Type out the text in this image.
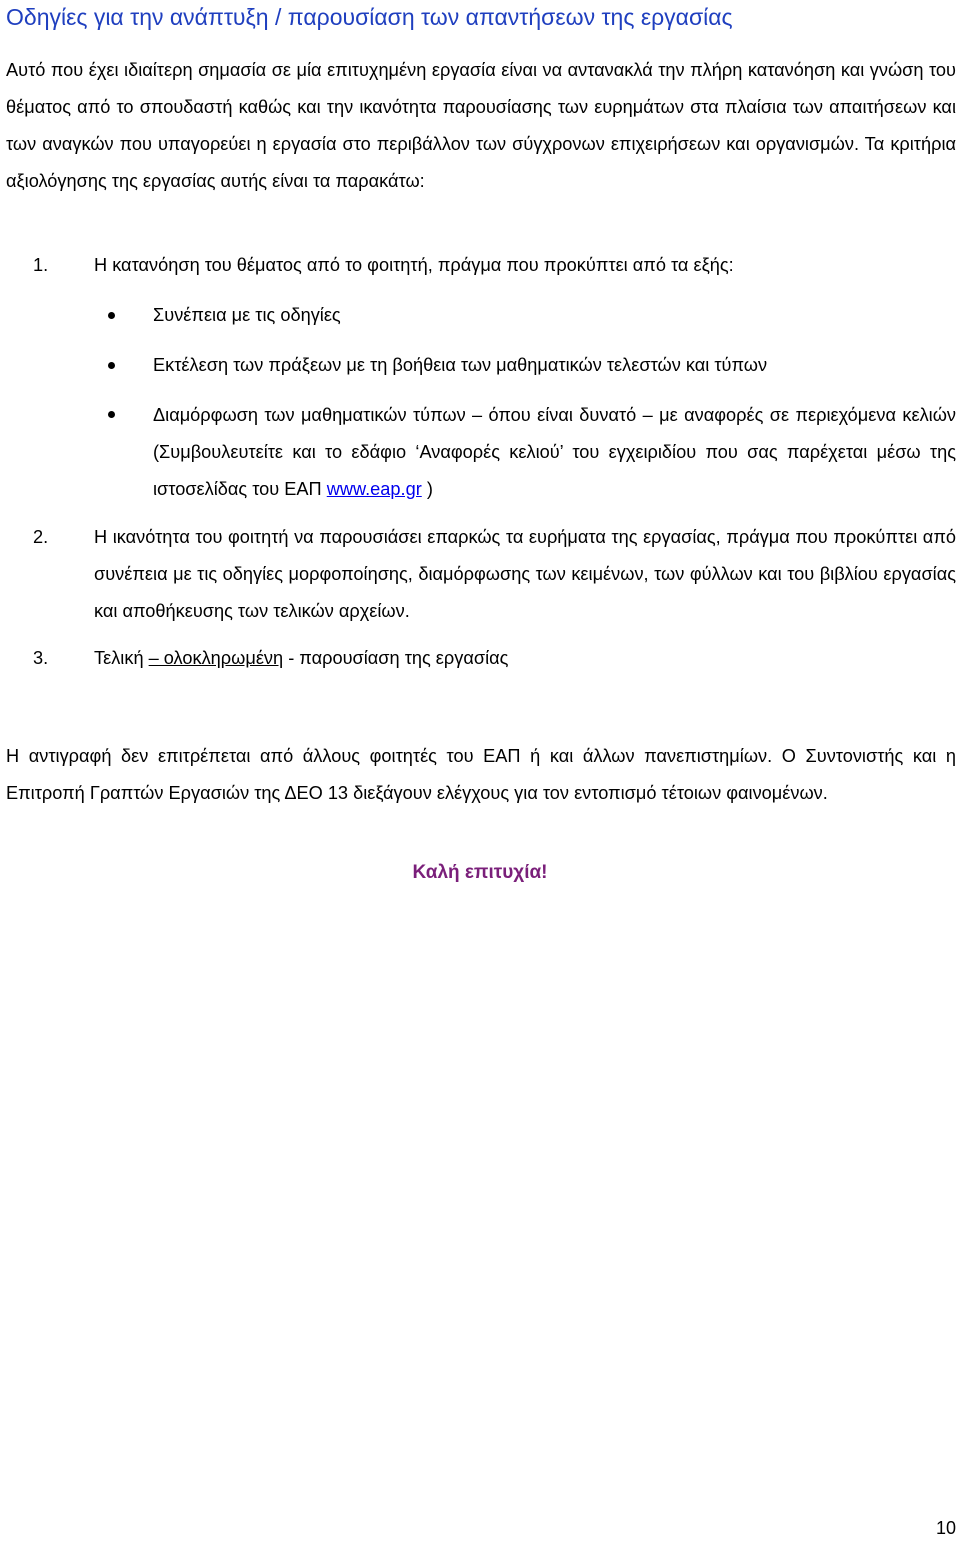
Οδηγίες για την ανάπτυξη / παρουσίαση των απαντήσεων της εργασίας

Αυτό που έχει ιδιαίτερη σημασία σε μία επιτυχημένη εργασία είναι να αντανακλά την πλήρη κατανόηση και γνώση του θέματος από το σπουδαστή καθώς και την ικανότητα παρουσίασης των ευρημάτων στα πλαίσια των απαιτήσεων και των αναγκών που υπαγορεύει η εργασία στο περιβάλλον των σύγχρονων επιχειρήσεων και οργανισμών. Τα κριτήρια αξιολόγησης της εργασίας αυτής είναι τα παρακάτω:

1.	Η κατανόηση του θέματος από το φοιτητή, πράγμα που προκύπτει από τα εξής:

Συνέπεια με τις οδηγίες

Εκτέλεση των πράξεων με τη βοήθεια των μαθηματικών τελεστών και τύπων

Διαμόρφωση των μαθηματικών τύπων – όπου είναι δυνατό – με αναφορές σε περιεχόμενα κελιών (Συμβουλευτείτε και το εδάφιο ‘Αναφορές κελιού’ του εγχειριδίου που σας παρέχεται μέσω της ιστοσελίδας του ΕΑΠ www.eap.gr )

2.	Η ικανότητα του φοιτητή να παρουσιάσει επαρκώς τα ευρήματα της εργασίας, πράγμα που προκύπτει από συνέπεια με τις οδηγίες μορφοποίησης, διαμόρφωσης των κειμένων, των φύλλων και του βιβλίου εργασίας και αποθήκευσης των τελικών αρχείων.

3.	Τελική – ολοκληρωμένη - παρουσίαση της εργασίας

Η αντιγραφή δεν επιτρέπεται από άλλους φοιτητές του ΕΑΠ ή και άλλων πανεπιστημίων. Ο Συντονιστής και η Επιτροπή Γραπτών Εργασιών της ΔΕΟ 13 διεξάγουν ελέγχους για τον εντοπισμό τέτοιων φαινομένων.

Καλή επιτυχία!
10
